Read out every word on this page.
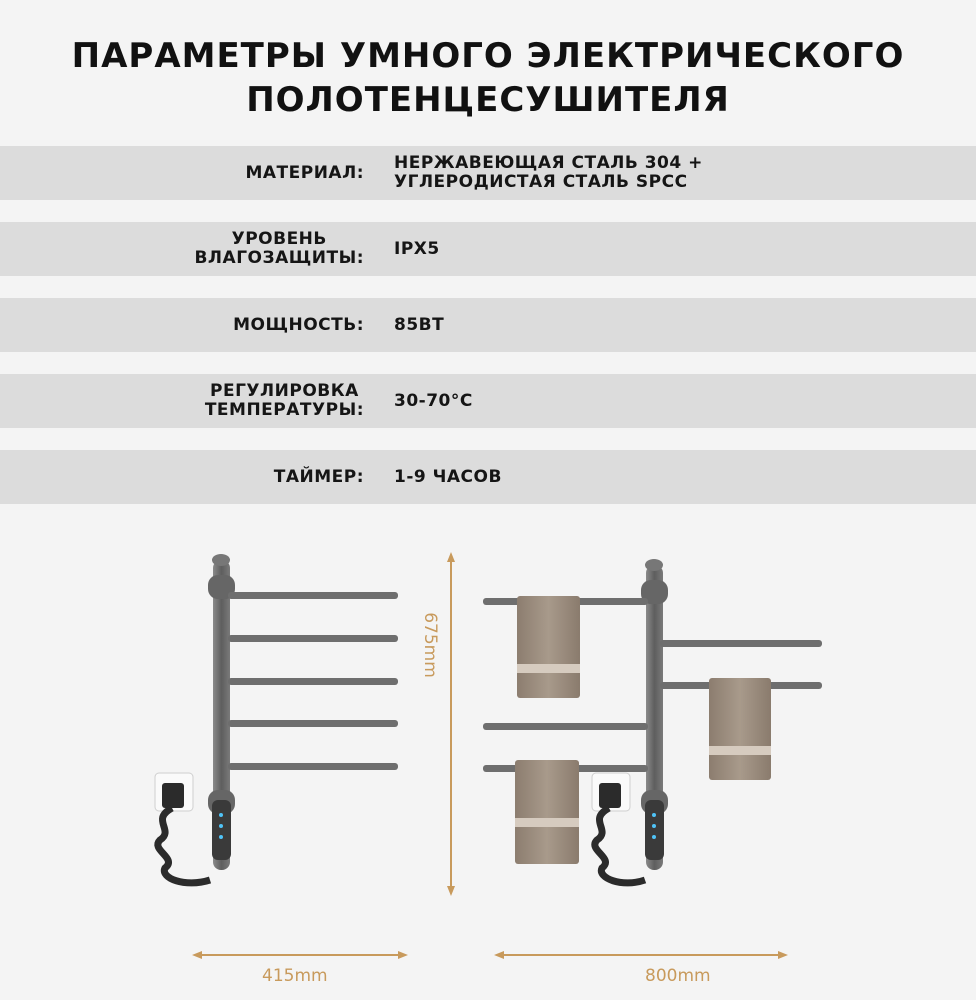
ПАРАМЕТРЫ УМНОГО ЭЛЕКТРИЧЕСКОГО
ПОЛОТЕНЦЕСУШИТЕЛЯ
МАТЕРИАЛ: НЕРЖАВЕЮЩАЯ СТАЛЬ 304 +
УГЛЕРОДИСТАЯ СТАЛЬ SPCC
УРОВЕНЬ
ВЛАГОЗАЩИТЫ: IPX5
МОЩНОСТЬ: 85ВТ
РЕГУЛИРОВКА
ТЕМПЕРАТУРЫ: 30-70°C
ТАЙМЕР: 1-9 ЧАСОВ
675mm
415mm	800mm
